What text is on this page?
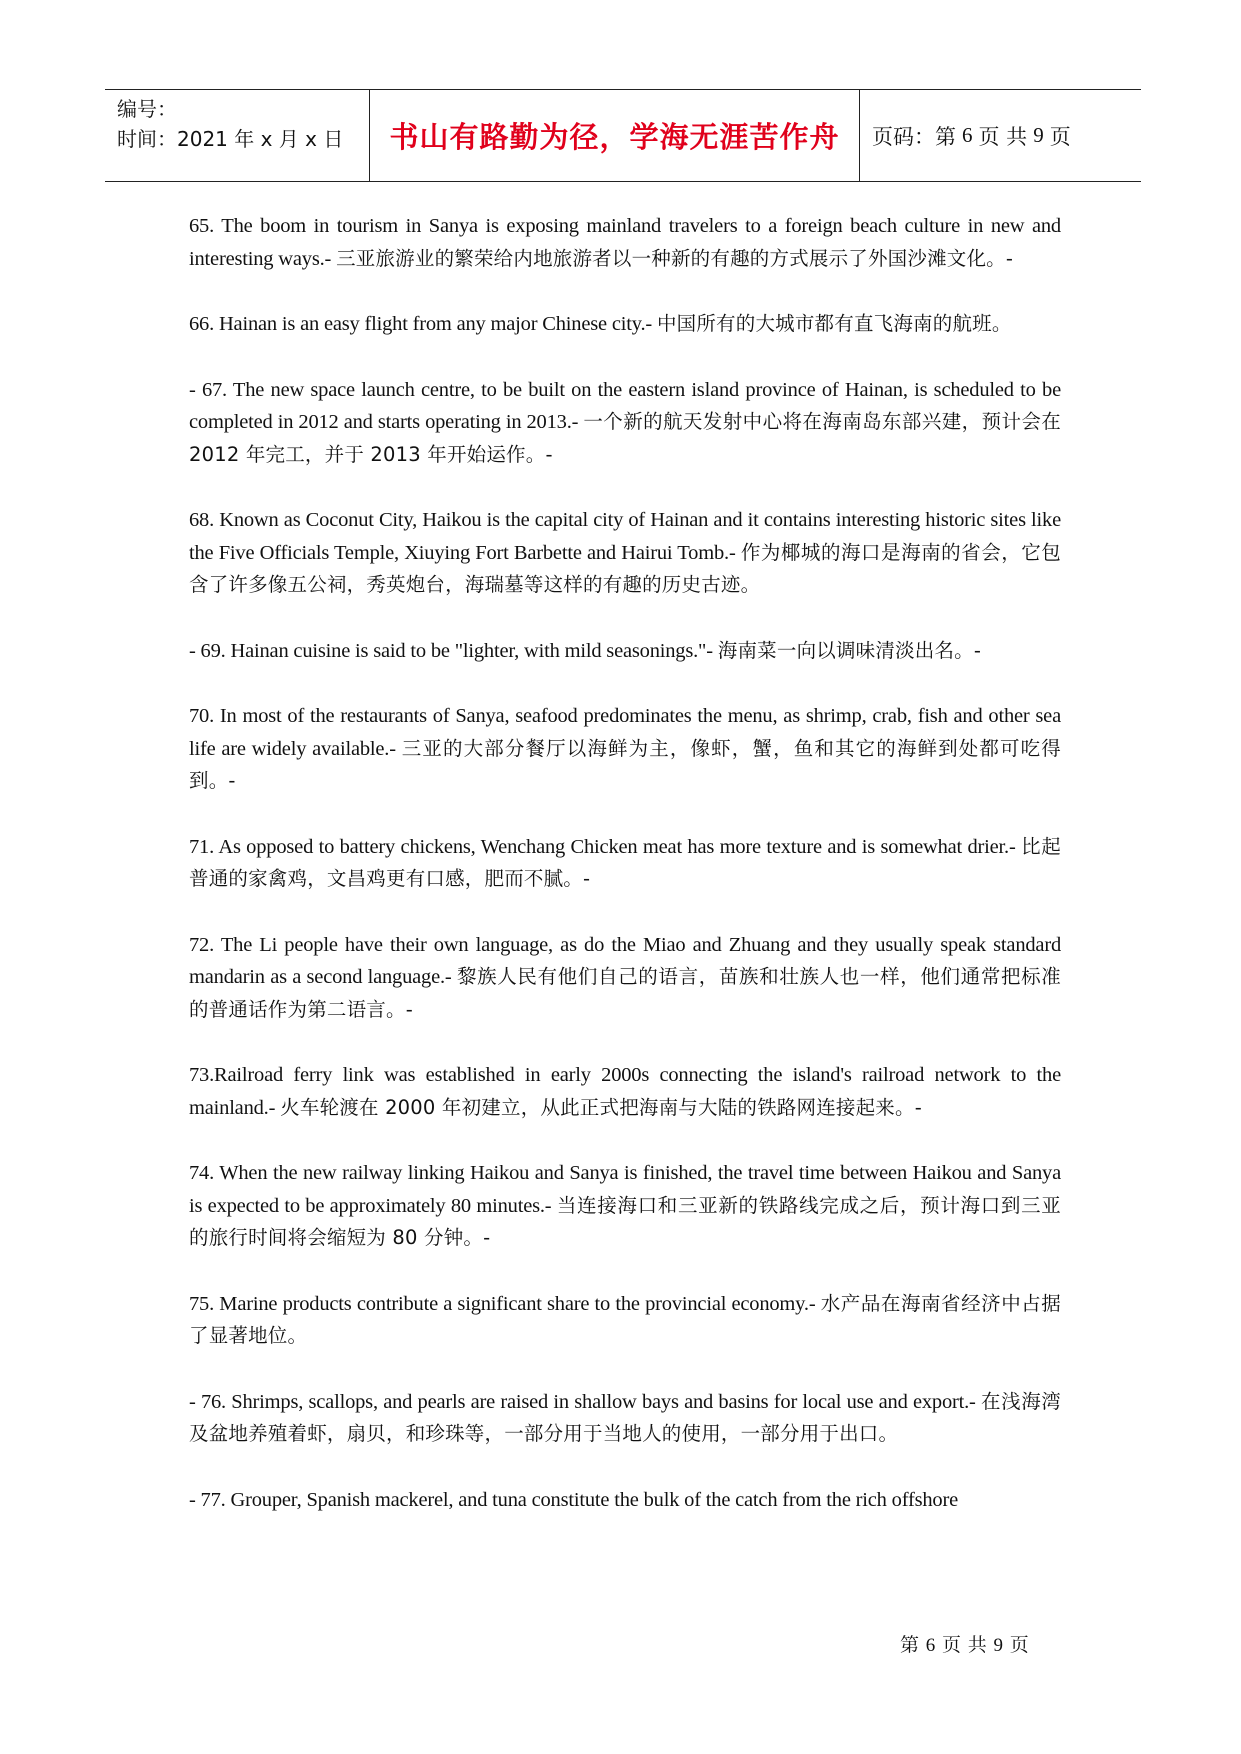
编号：
时间：2021 年 x 月 x 日	书山有路勤为径，学海无涯苦作舟 页码：第 6 页 共 9 页

65. The boom in tourism in Sanya is exposing mainland travelers to a foreign beach culture in new and interesting ways.- 三亚旅游业的繁荣给内地旅游者以一种新的有趣的方式展示了外国沙滩文化。-

66. Hainan is an easy flight from any major Chinese city.- 中国所有的大城市都有直飞海南的航班。

- 67. The new space launch centre, to be built on the eastern island province of Hainan, is scheduled to be completed in 2012 and starts operating in 2013.- 一个新的航天发射中心将在海南岛东部兴建，预计会在 2012 年完工，并于 2013 年开始运作。-

68. Known as Coconut City, Haikou is the capital city of Hainan and it contains interesting historic sites like the Five Officials Temple, Xiuying Fort Barbette and Hairui Tomb.- 作为椰城的海口是海南的省会，它包含了许多像五公祠，秀英炮台，海瑞墓等这样的有趣的历史古迹。

- 69. Hainan cuisine is said to be "lighter, with mild seasonings."- 海南菜一向以调味清淡出名。-

70. In most of the restaurants of Sanya, seafood predominates the menu, as shrimp, crab, fish and other sea life are widely available.- 三亚的大部分餐厅以海鲜为主，像虾，蟹，鱼和其它的海鲜到处都可吃得到。-

71. As opposed to battery chickens, Wenchang Chicken meat has more texture and is somewhat drier.- 比起普通的家禽鸡，文昌鸡更有口感，肥而不腻。-

72. The Li people have their own language, as do the Miao and Zhuang and they usually speak standard mandarin as a second language.- 黎族人民有他们自己的语言，苗族和壮族人也一样，他们通常把标准的普通话作为第二语言。-

73.Railroad ferry link was established in early 2000s connecting the island's railroad network to the mainland.- 火车轮渡在 2000 年初建立，从此正式把海南与大陆的铁路网连接起来。-

74. When the new railway linking Haikou and Sanya is finished, the travel time between Haikou and Sanya is expected to be approximately 80 minutes.- 当连接海口和三亚新的铁路线完成之后，预计海口到三亚的旅行时间将会缩短为 80 分钟。-

75. Marine products contribute a significant share to the provincial economy.- 水产品在海南省经济中占据了显著地位。

- 76. Shrimps, scallops, and pearls are raised in shallow bays and basins for local use and export.- 在浅海湾及盆地养殖着虾，扇贝，和珍珠等，一部分用于当地人的使用，一部分用于出口。

- 77. Grouper, Spanish mackerel, and tuna constitute the bulk of the catch from the rich offshore

第 6 页 共 9 页
